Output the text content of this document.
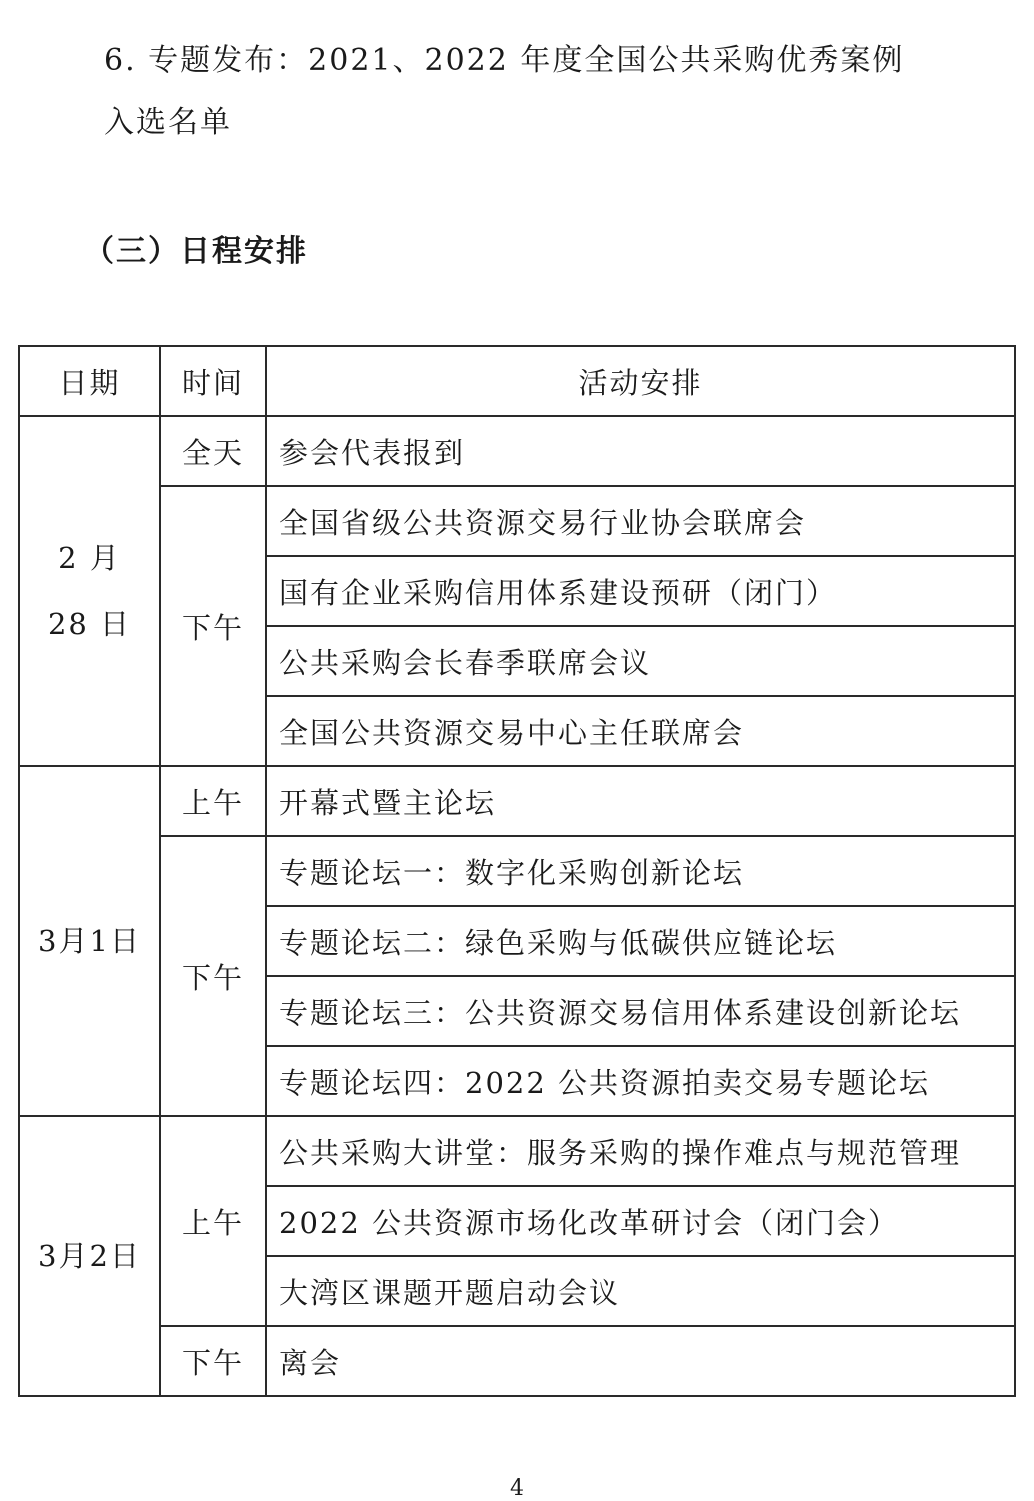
6. 专题发布：2021、2022 年度全国公共采购优秀案例入选名单

（三）日程安排
日期	时间	活动安排
2 月 28 日	全天	参会代表报到
	下午	全国省级公共资源交易行业协会联席会
		国有企业采购信用体系建设预研（闭门）
		公共采购会长春季联席会议
		全国公共资源交易中心主任联席会
3月1日	上午	开幕式暨主论坛
	下午	专题论坛一：数字化采购创新论坛
		专题论坛二：绿色采购与低碳供应链论坛
		专题论坛三：公共资源交易信用体系建设创新论坛
		专题论坛四：2022 公共资源拍卖交易专题论坛
3月2日	上午	公共采购大讲堂：服务采购的操作难点与规范管理
		2022 公共资源市场化改革研讨会（闭门会）
		大湾区课题开题启动会议
	下午	离会
4
